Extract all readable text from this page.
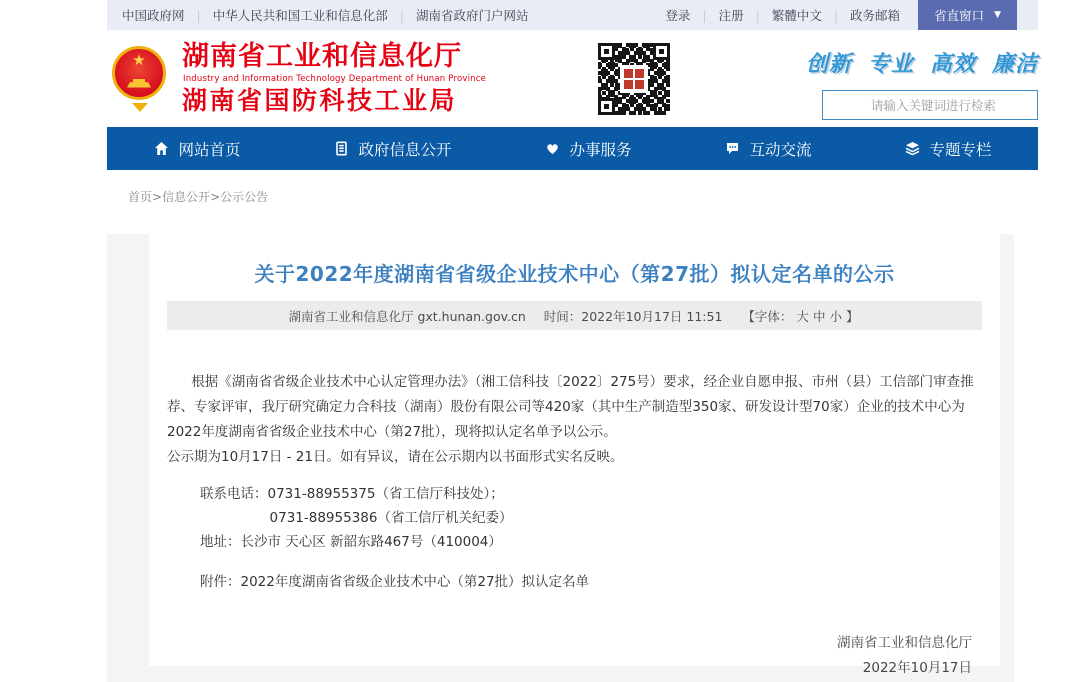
中国政府网 | 中华人民共和国工业和信息化部 | 湖南省政府门户网站	登录 | 注册 | 繁體中文 | 政务邮箱	省直窗口 ▼
★	湖南省工业和信息化厅
Industry and Information Technology Department of Hunan Province
湖南省国防科技工业局
创新 专业 高效 廉洁
请输入关键词进行检索
网站首页	政府信息公开	办事服务	互动交流	专题专栏
首页>信息公开>公示公告
关于2022年度湖南省省级企业技术中心（第27批）拟认定名单的公示
湖南省工业和信息化厅 gxt.hunan.gov.cn 时间：2022年10月17日 11:51 【字体： 大 中 小 】

根据《湖南省省级企业技术中心认定管理办法》（湘工信科技〔2022〕275号）要求，经企业自愿申报、市州（县）工信部门审查推荐、专家评审，我厅研究确定力合科技（湖南）股份有限公司等420家（其中生产制造型350家、研发设计型70家）企业的技术中心为2022年度湖南省省级企业技术中心（第27批），现将拟认定名单予以公示。

公示期为10月17日 - 21日。如有异议，请在公示期内以书面形式实名反映。

联系电话：0731-88955375（省工信厅科技处）；
0731-88955386（省工信厅机关纪委）
地址：长沙市 天心区 新韶东路467号（410004）
附件：2022年度湖南省省级企业技术中心（第27批）拟认定名单
湖南省工业和信息化厅
2022年10月17日
